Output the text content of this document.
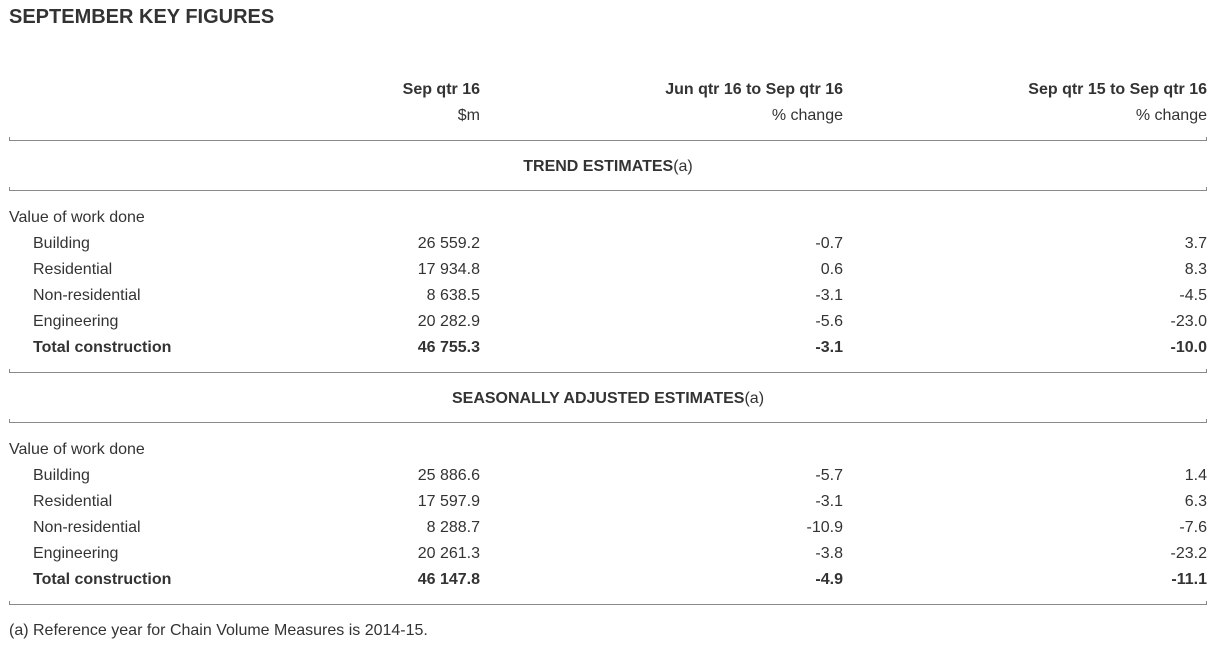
SEPTEMBER KEY FIGURES
Sep qtr 16	Jun qtr 16 to Sep qtr 16	Sep qtr 15 to Sep qtr 16
$m	% change	% change
TREND ESTIMATES(a)
Value of work done
Building	26 559.2	-0.7	3.7
Residential	17 934.8	0.6	8.3
Non-residential	8 638.5	-3.1	-4.5
Engineering	20 282.9	-5.6	-23.0
Total construction	46 755.3	-3.1	-10.0
SEASONALLY ADJUSTED ESTIMATES(a)
Value of work done
Building	25 886.6	-5.7	1.4
Residential	17 597.9	-3.1	6.3
Non-residential	8 288.7	-10.9	-7.6
Engineering	20 261.3	-3.8	-23.2
Total construction	46 147.8	-4.9	-11.1
(a) Reference year for Chain Volume Measures is 2014-15.
